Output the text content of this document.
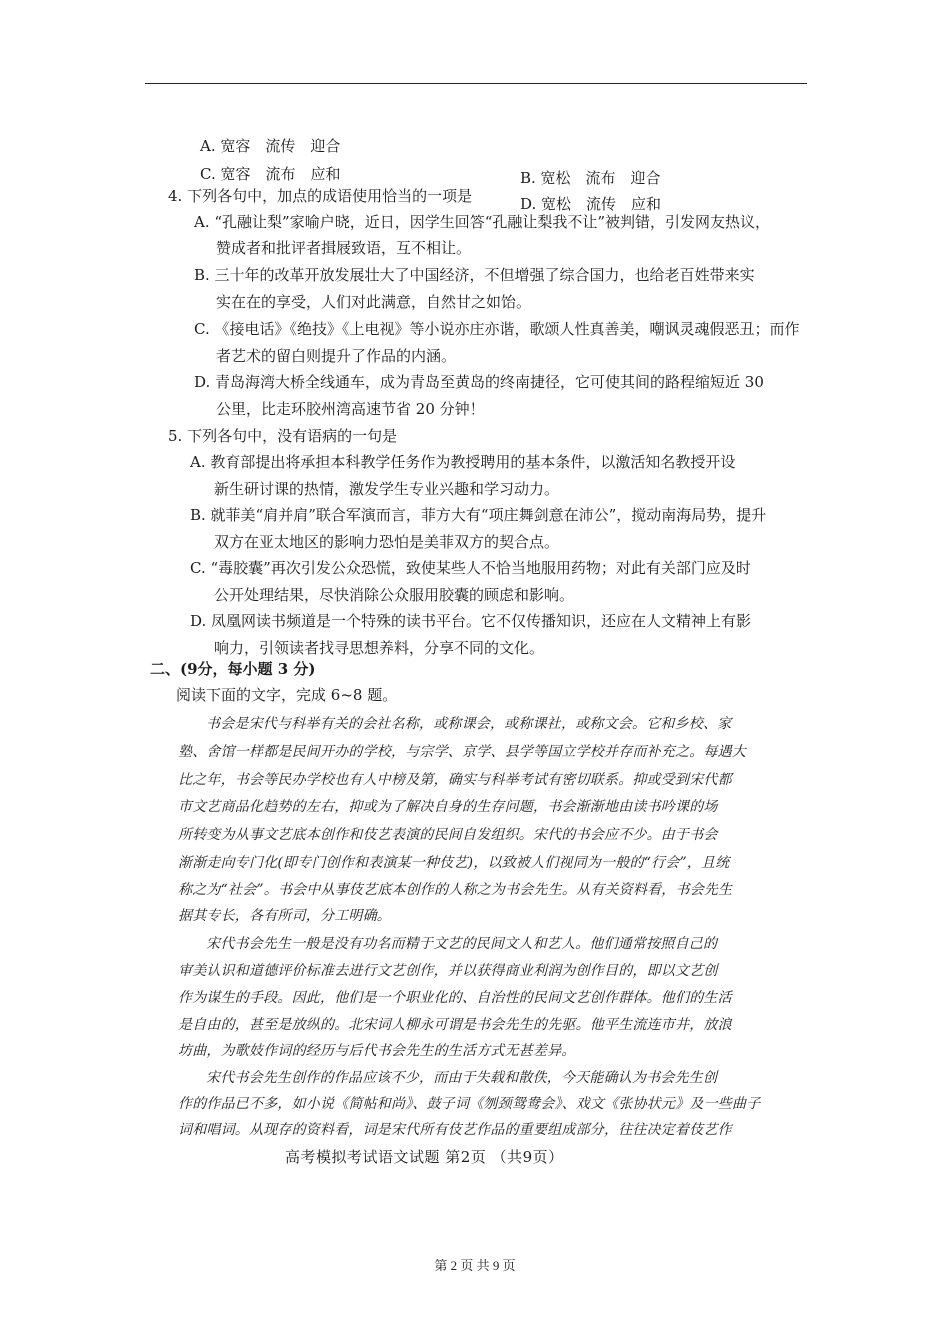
A. 宽容　流传　迎合
B. 宽松　流布　迎合
C. 宽容　流布　应和
D. 宽松　流传　应和
4. 下列各句中，加点的成语使用恰当的一项是
A. “孔融让梨”家喻户晓，近日，因学生回答“孔融让梨我不让”被判错，引发网友热议，
赞成者和批评者揖屐致语，互不相让。
B. 三十年的改革开放发展壮大了中国经济，不但增强了综合国力，也给老百姓带来实
实在在的享受，人们对此满意，自然甘之如饴。
C. 《接电话》《绝技》《上电视》等小说亦庄亦谐，歌颂人性真善美，嘲讽灵魂假恶丑；而作
者艺术的留白则提升了作品的内涵。
D. 青岛海湾大桥全线通车，成为青岛至黄岛的终南捷径，它可使其间的路程缩短近 30
公里，比走环胶州湾高速节省 20 分钟！
5. 下列各句中，没有语病的一句是
A. 教育部提出将承担本科教学任务作为教授聘用的基本条件，以激活知名教授开设
新生研讨课的热情，激发学生专业兴趣和学习动力。
B. 就菲美“肩并肩”联合军演而言，菲方大有“项庄舞剑意在沛公”，搅动南海局势，提升
双方在亚太地区的影响力恐怕是美菲双方的契合点。
C. “毒胶囊”再次引发公众恐慌，致使某些人不恰当地服用药物；对此有关部门应及时
公开处理结果，尽快消除公众服用胶囊的顾虑和影响。
D. 凤凰网读书频道是一个特殊的读书平台。它不仅传播知识，还应在人文精神上有影
响力，引领读者找寻思想养料，分享不同的文化。
二、(9分，每小题 3 分)
阅读下面的文字，完成 6~8 题。
书会是宋代与科举有关的会社名称，或称课会，或称课社，或称文会。它和乡校、家
塾、舍馆一样都是民间开办的学校，与宗学、京学、县学等国立学校并存而补充之。每遇大
比之年，书会等民办学校也有人中榜及第，确实与科举考试有密切联系。抑或受到宋代都
市文艺商品化趋势的左右，抑或为了解决自身的生存问题，书会渐渐地由读书吟课的场
所转变为从事文艺底本创作和伎艺表演的民间自发组织。宋代的书会应不少。由于书会
渐渐走向专门化(即专门创作和表演某一种伎艺)，以致被人们视同为一般的“行会”，且统
称之为“社会”。书会中从事伎艺底本创作的人称之为书会先生。从有关资料看，书会先生
据其专长，各有所司，分工明确。
宋代书会先生一般是没有功名而精于文艺的民间文人和艺人。他们通常按照自己的
审美认识和道德评价标准去进行文艺创作，并以获得商业利润为创作目的，即以文艺创
作为谋生的手段。因此，他们是一个职业化的、自治性的民间文艺创作群体。他们的生活
是自由的，甚至是放纵的。北宋词人柳永可谓是书会先生的先驱。他平生流连市井，放浪
坊曲，为歌妓作词的经历与后代书会先生的生活方式无甚差异。
宋代书会先生创作的作品应该不少，而由于失载和散佚，今天能确认为书会先生创
作的作品已不多，如小说《简帖和尚》、鼓子词《刎颈鸳鸯会》、戏文《张协状元》及一些曲子
词和唱词。从现存的资料看，词是宋代所有伎艺作品的重要组成部分，往往决定着伎艺作
高考模拟考试语文试题 第2页 （共9页）
第 2 页 共 9 页
